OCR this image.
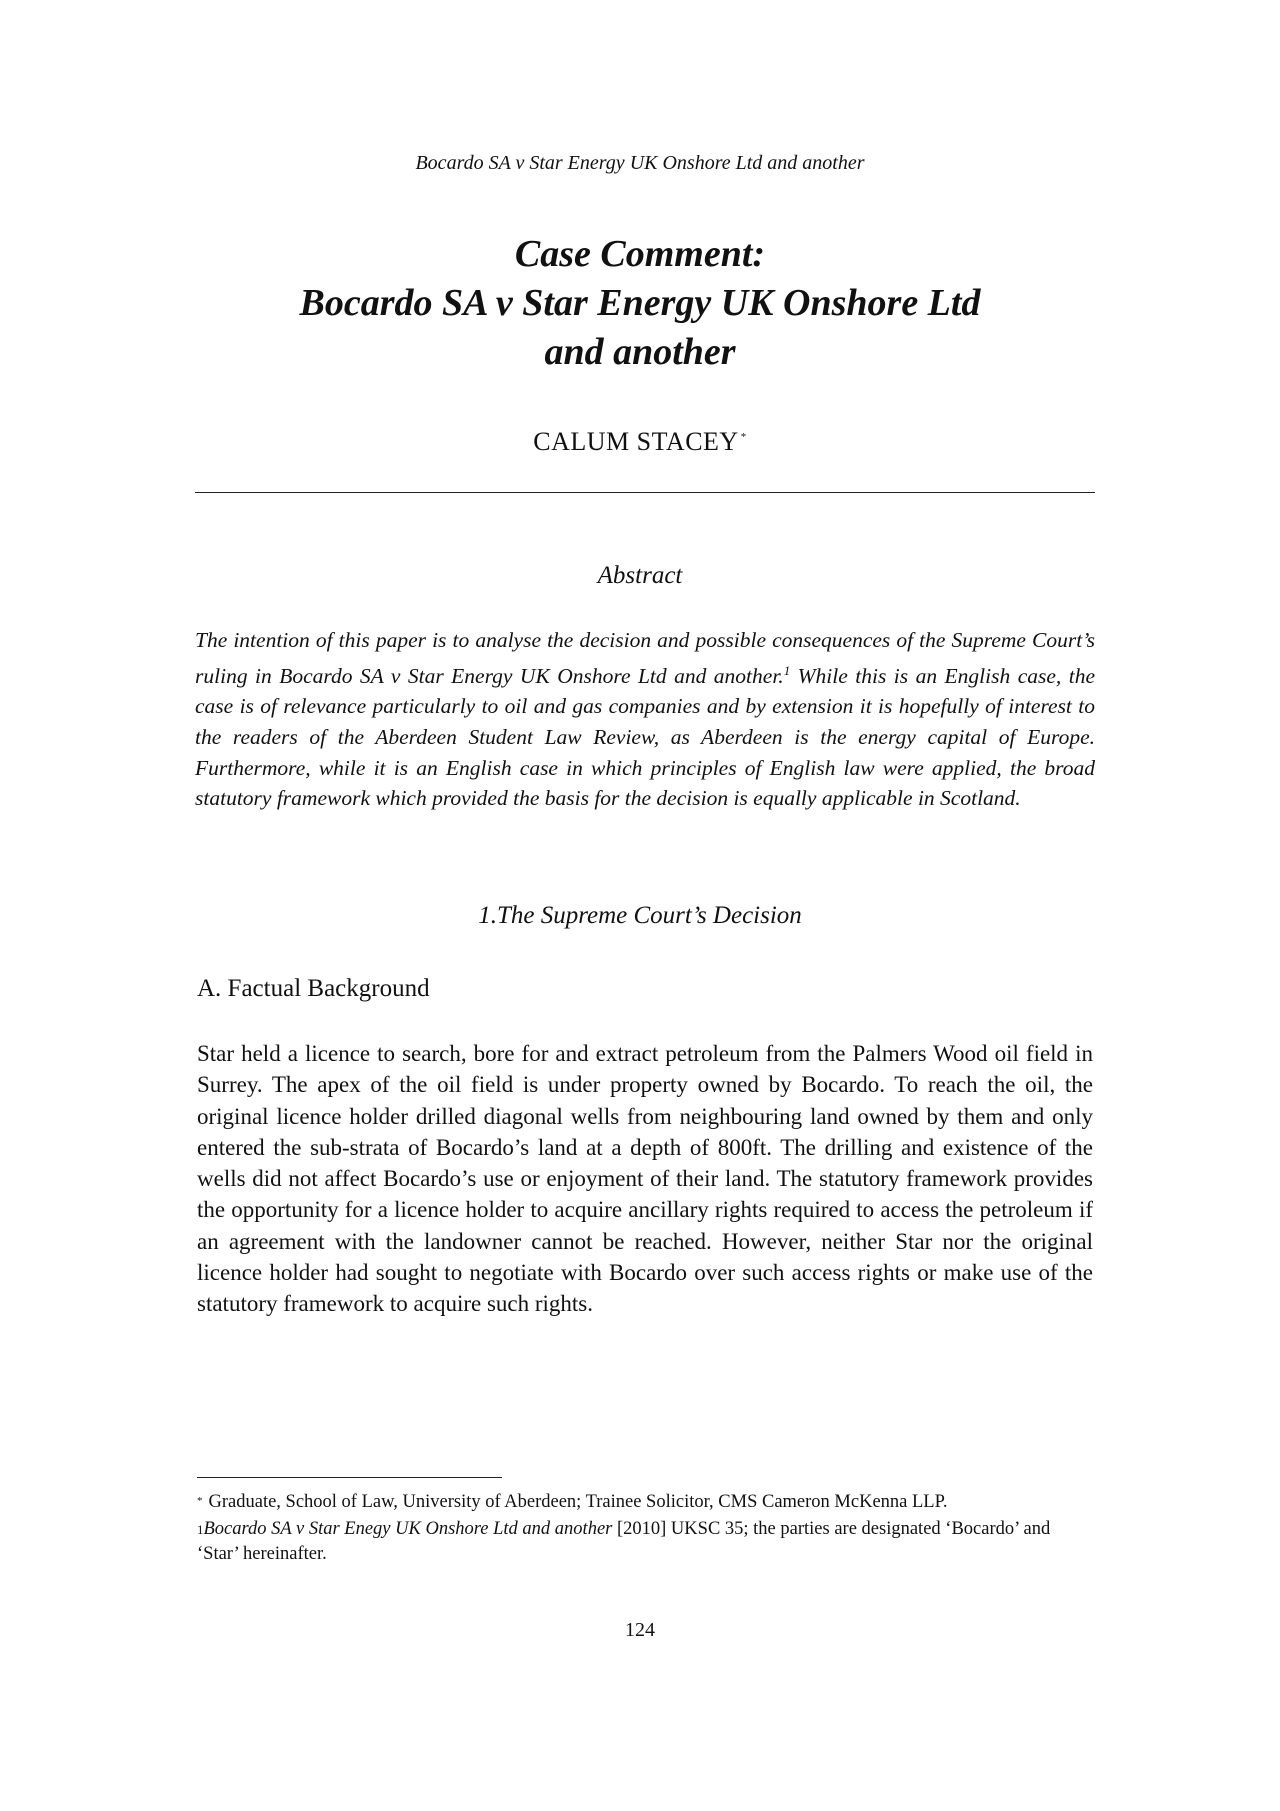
Bocardo SA v Star Energy UK Onshore Ltd and another
Case Comment:
Bocardo SA v Star Energy UK Onshore Ltd
and another
CALUM STACEY *
Abstract
The intention of this paper is to analyse the decision and possible consequences of the Supreme Court’s ruling in Bocardo SA v Star Energy UK Onshore Ltd and another.$^1$ While this is an English case, the case is of relevance particularly to oil and gas companies and by extension it is hopefully of interest to the readers of the Aberdeen Student Law Review, as Aberdeen is the energy capital of Europe. Furthermore, while it is an English case in which principles of English law were applied, the broad statutory framework which provided the basis for the decision is equally applicable in Scotland.
1.The Supreme Court’s Decision
A. Factual Background
Star held a licence to search, bore for and extract petroleum from the Palmers Wood oil field in Surrey. The apex of the oil field is under property owned by Bocardo. To reach the oil, the original licence holder drilled diagonal wells from neighbouring land owned by them and only entered the sub-strata of Bocardo’s land at a depth of 800ft. The drilling and existence of the wells did not affect Bocardo’s use or enjoyment of their land. The statutory framework provides the opportunity for a licence holder to acquire ancillary rights required to access the petroleum if an agreement with the landowner cannot be reached. However, neither Star nor the original licence holder had sought to negotiate with Bocardo over such access rights or make use of the statutory framework to acquire such rights.
* Graduate, School of Law, University of Aberdeen; Trainee Solicitor, CMS Cameron McKenna LLP.
$^1$Bocardo SA v Star Enegy UK Onshore Ltd and another [2010] UKSC 35; the parties are designated ‘Bocardo’ and ‘Star’ hereinafter.
124
